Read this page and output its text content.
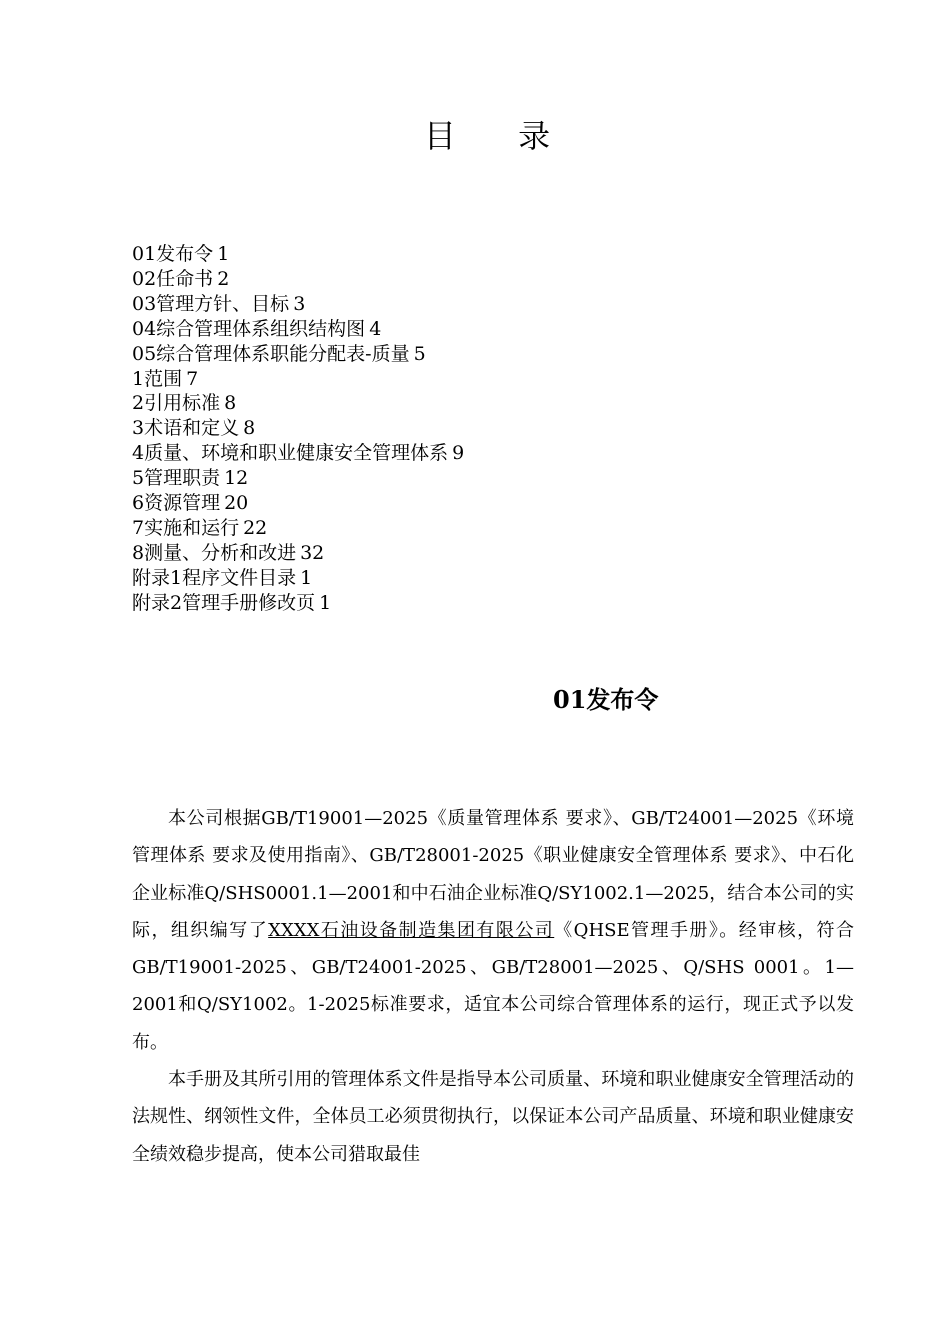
目 录
01发布令 1
02任命书 2
03管理方针、目标 3
04综合管理体系组织结构图 4
05综合管理体系职能分配表-质量 5
1范围 7
2引用标准 8
3术语和定义 8
4质量、环境和职业健康安全管理体系 9
5管理职责 12
6资源管理 20
7实施和运行 22
8测量、分析和改进 32
附录1程序文件目录 1
附录2管理手册修改页 1
01发布令

本公司根据GB/T19001—2025《质量管理体系 要求》、GB/T24001—2025《环境管理体系 要求及使用指南》、GB/T28001-2025《职业健康安全管理体系 要求》、中石化企业标准Q/SHS0001.1—2001和中石油企业标准Q/SY1002.1—2025，结合本公司的实际，组织编写了XXXX石油设备制造集团有限公司《QHSE管理手册》。经审核，符合GB/T19001-2025、GB/T24001-2025、GB/T28001—2025、Q/SHS 0001。1—2001和Q/SY1002。1-2025标准要求，适宜本公司综合管理体系的运行，现正式予以发布。

本手册及其所引用的管理体系文件是指导本公司质量、环境和职业健康安全管理活动的法规性、纲领性文件，全体员工必须贯彻执行，以保证本公司产品质量、环境和职业健康安全绩效稳步提高，使本公司猎取最佳
